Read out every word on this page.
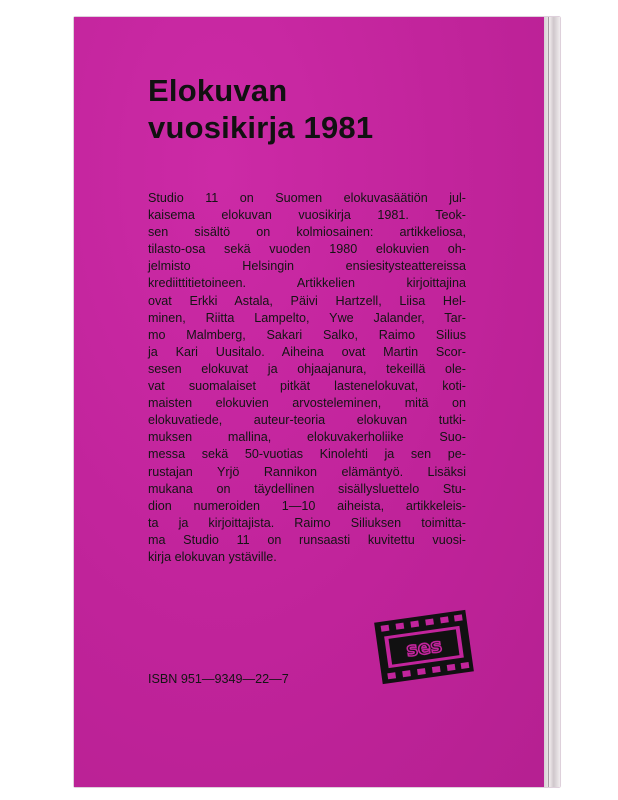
Elokuvan
vuosikirja 1981
Studio 11 on Suomen elokuvasäätiön jul-
kaisema elokuvan vuosikirja 1981. Teok-
sen sisältö on kolmiosainen: artikkeliosa,
tilasto-osa sekä vuoden 1980 elokuvien oh-
jelmisto Helsingin ensiesitysteattereissa
krediittitietoineen. Artikkelien kirjoittajina
ovat Erkki Astala, Päivi Hartzell, Liisa Hel-
minen, Riitta Lampelto, Ywe Jalander, Tar-
mo Malmberg, Sakari Salko, Raimo Silius
ja Kari Uusitalo. Aiheina ovat Martin Scor-
sesen elokuvat ja ohjaajanura, tekeillä ole-
vat suomalaiset pitkät lastenelokuvat, koti-
maisten elokuvien arvosteleminen, mitä on
elokuvatiede, auteur-teoria elokuvan tutki-
muksen mallina, elokuvakerholiike Suo-
messa sekä 50-vuotias Kinolehti ja sen pe-
rustajan Yrjö Rannikon elämäntyö. Lisäksi
mukana on täydellinen sisällysluettelo Stu-
dion numeroiden 1—10 aiheista, artikkeleis-
ta ja kirjoittajista. Raimo Siliuksen toimitta-
ma Studio 11 on runsaasti kuvitettu vuosi-
kirja elokuvan ystäville.
ISBN 951—9349—22—7
ses
